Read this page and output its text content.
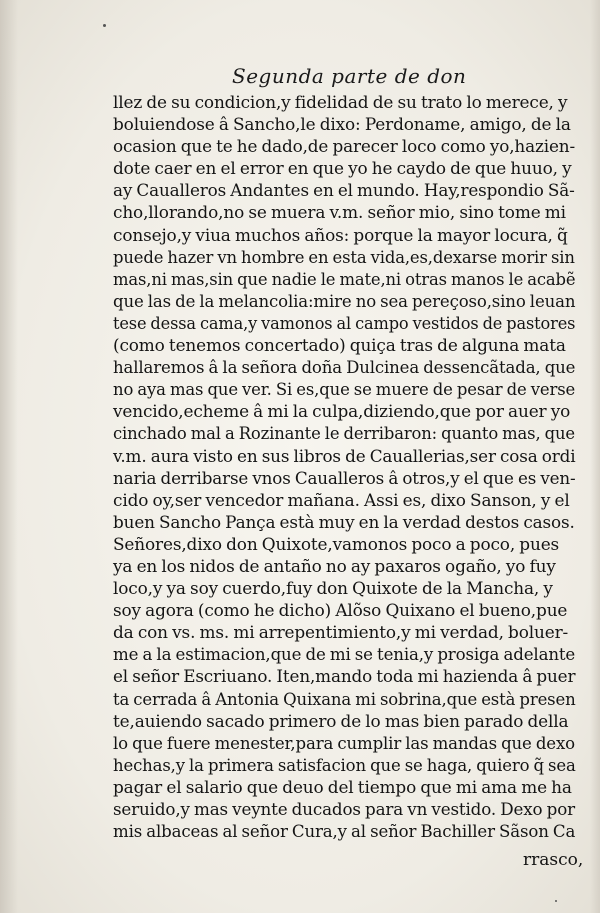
Segunda parte de don
llez de su condicion,y fidelidad de su trato lo merece, y
boluiendose â Sancho,le dixo: Perdoname, amigo, de la
ocasion que te he dado,de parecer loco como yo,hazien-
dote caer en el error en que yo he caydo de que huuo, y
ay Caualleros Andantes en el mundo. Hay,respondio Sã-
cho,llorando,no se muera v.m. señor mio, sino tome mi
consejo,y viua muchos años: porque la mayor locura, q̃
puede hazer vn hombre en esta vida,es,dexarse morir sin
mas,ni mas,sin que nadie le mate,ni otras manos le acabẽ
que las de la melancolia:mire no sea pereçoso,sino leuan
tese dessa cama,y vamonos al campo vestidos de pastores
(como tenemos concertado) quiça tras de alguna mata
hallaremos â la señora doña Dulcinea dessencãtada, que
no aya mas que ver. Si es,que se muere de pesar de verse
vencido,echeme â mi la culpa,diziendo,que por auer yo
cinchado mal a Rozinante le derribaron: quanto mas, que
v.m. aura visto en sus libros de Cauallerias,ser cosa ordi
naria derribarse vnos Caualleros â otros,y el que es ven-
cido oy,ser vencedor mañana. Assi es, dixo Sanson, y el
buen Sancho Pança està muy en la verdad destos casos.
Señores,dixo don Quixote,vamonos poco a poco, pues
ya en los nidos de antaño no ay paxaros ogaño, yo fuy
loco,y ya soy cuerdo,fuy don Quixote de la Mancha, y
soy agora (como he dicho) Alõso Quixano el bueno,pue
da con vs. ms. mi arrepentimiento,y mi verdad, boluer-
me a la estimacion,que de mi se tenia,y prosiga adelante
el señor Escriuano. Iten,mando toda mi hazienda â puer
ta cerrada â Antonia Quixana mi sobrina,que està presen
te,auiendo sacado primero de lo mas bien parado della
lo que fuere menester,para cumplir las mandas que dexo
hechas,y la primera satisfacion que se haga, quiero q̃ sea
pagar el salario que deuo del tiempo que mi ama me ha
seruido,y mas veynte ducados para vn vestido. Dexo por
mis albaceas al señor Cura,y al señor Bachiller Sãson Ca
rrasco,
